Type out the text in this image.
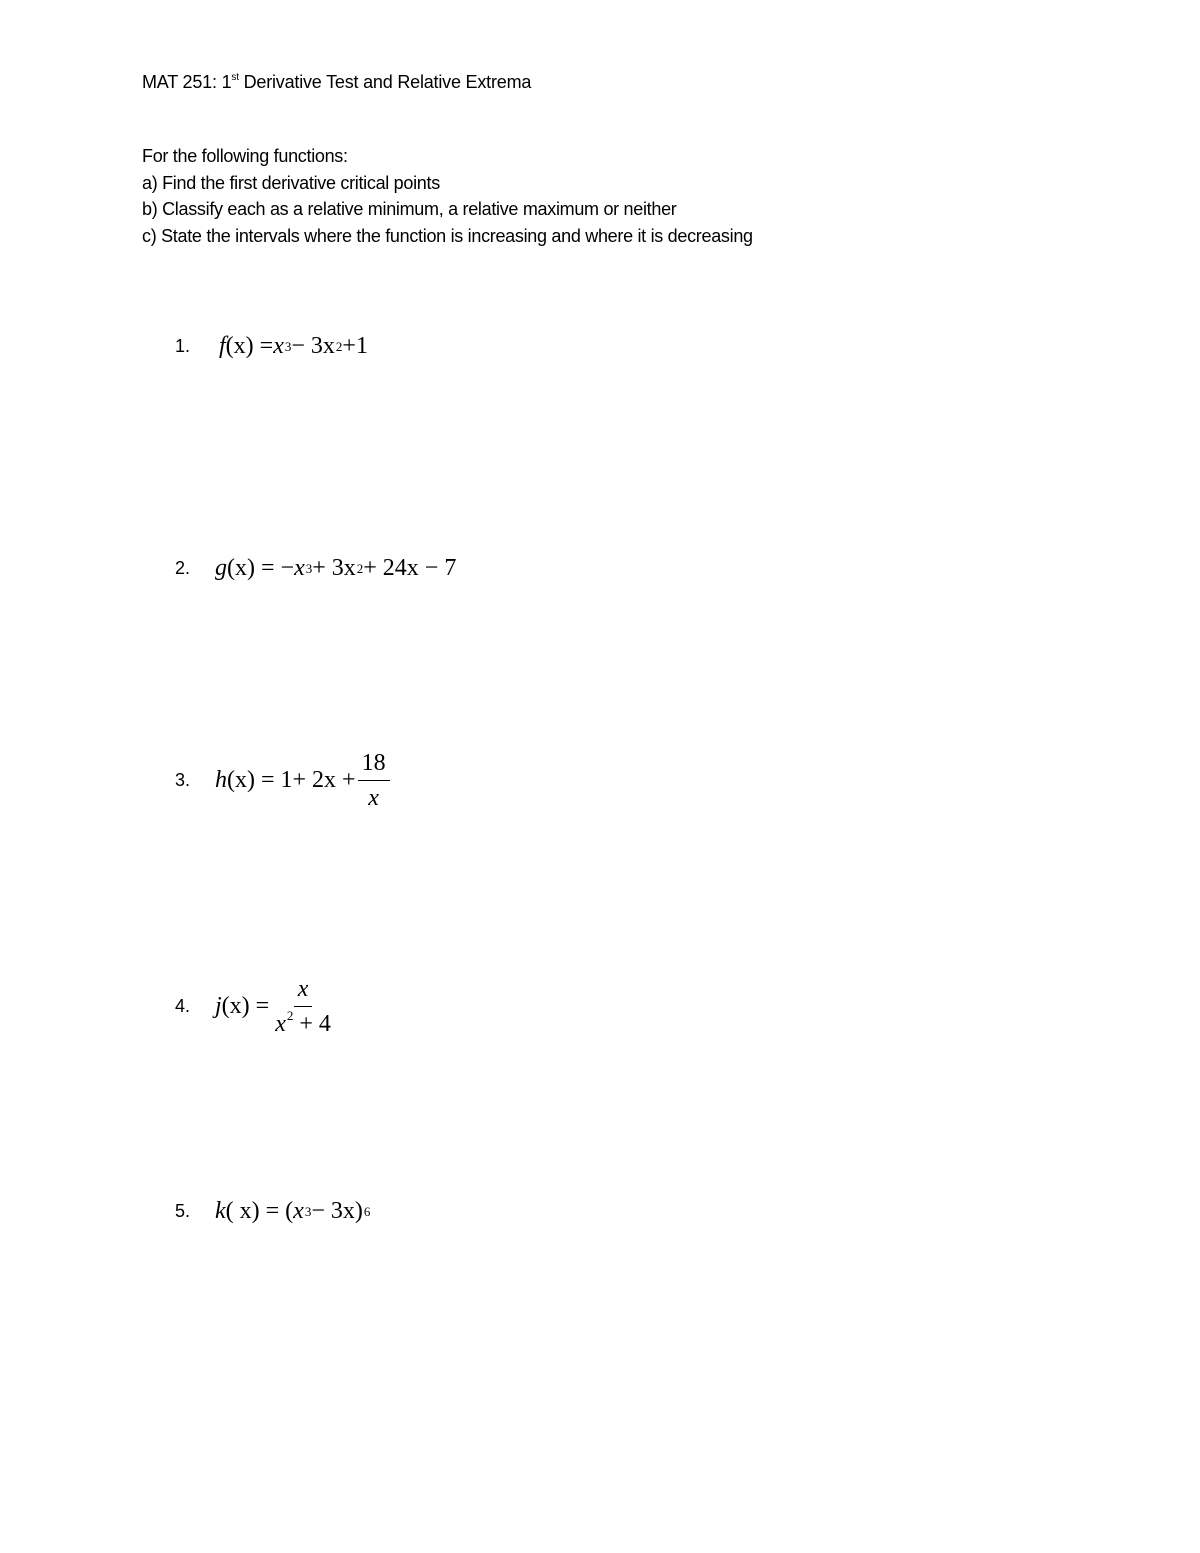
MAT 251: 1st Derivative Test and Relative Extrema
For the following functions:
a) Find the first derivative critical points
b) Classify each as a relative minimum, a relative maximum or neither
c) State the intervals where the function is increasing and where it is decreasing
1.	f (x) = x 3 − 3x 2 +1
2.	g (x) = − x 3 + 3x 2 + 24x − 7
3.	h $(x) = 1+ 2x + \frac{18}{x}$
4.	j $(x) = \frac{x}{x^2 + 4}$
5.	k ( x) = ( x 3 − 3x) 6
